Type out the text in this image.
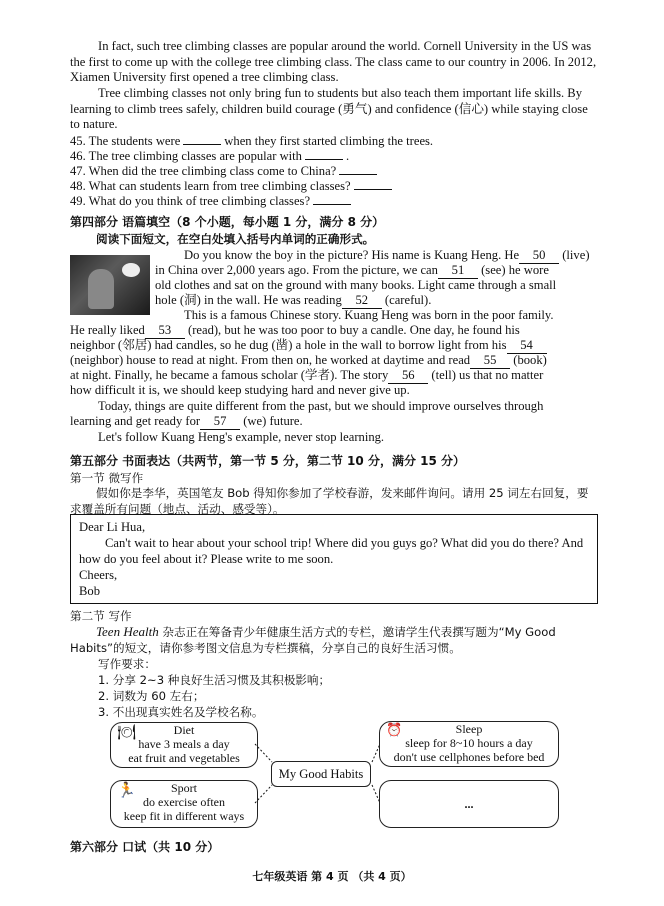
In fact, such tree climbing classes are popular around the world. Cornell University in the US was the first to come up with the college tree climbing class. The class came to our country in 2006. In 2012, Xiamen University first opened a tree climbing class.

Tree climbing classes not only bring fun to students but also teach them important life skills. By learning to climb trees safely, children build courage (勇气) and confidence (信心) while staying close to nature.

45. The students were	when they first started climbing the trees.
46. The tree climbing classes are popular with	.
47. When did the tree climbing class come to China?
48. What can students learn from tree climbing classes?
49. What do you think of tree climbing classes?
第四部分 语篇填空（8 个小题，每小题 1 分，满分 8 分）
阅读下面短文，在空白处填入括号内单词的正确形式。
Do you know the boy in the picture? His name is Kuang Heng. He 50 (live)
in China over 2,000 years ago. From the picture, we can 51 (see) he wore
old clothes and sat on the ground with many books. Light came through a small
hole (洞) in the wall. He was reading 52 (careful).
This is a famous Chinese story. Kuang Heng was born in the poor family.
He really liked 53 (read), but he was too poor to buy a candle. One day, he found his
neighbor (邻居) had candles, so he dug (凿) a hole in the wall to borrow light from his 54
(neighbor) house to read at night. From then on, he worked at daytime and read 55 (book)
at night. Finally, he became a famous scholar (学者). The story 56 (tell) us that no matter
how difficult it is, we should keep studying hard and never give up.
Today, things are quite different from the past, but we should improve ourselves through
learning and get ready for 57 (we) future.
Let's follow Kuang Heng's example, never stop learning.
第五部分 书面表达（共两节，第一节 5 分，第二节 10 分，满分 15 分）
第一节 微写作
假如你是李华，英国笔友 Bob 得知你参加了学校春游，发来邮件询问。请用 25 词左右回复，要求覆盖所有问题（地点、活动、感受等）。
Dear Li Hua,
Can't wait to hear about your school trip! Where did you guys go? What did you do there? And how do you feel about it? Please write to me soon.
Cheers,
Bob
第二节 写作
Teen Health 杂志正在筹备青少年健康生活方式的专栏，邀请学生代表撰写题为“My Good Habits”的短文，请你参考图文信息为专栏撰稿，分享自己的良好生活习惯。
写作要求：
1. 分享 2~3 种良好生活习惯及其积极影响；
2. 词数为 60 左右；
3. 不出现真实姓名及学校名称。
🍽	Diet
have 3 meals a day
eat fruit and vegetables
⏰	Sleep
sleep for 8~10 hours a day
don't use cellphones before bed
My Good Habits
🏃	Sport
do exercise often
keep fit in different ways
...
第六部分 口试（共 10 分）
七年级英语 第 4 页 （共 4 页）
